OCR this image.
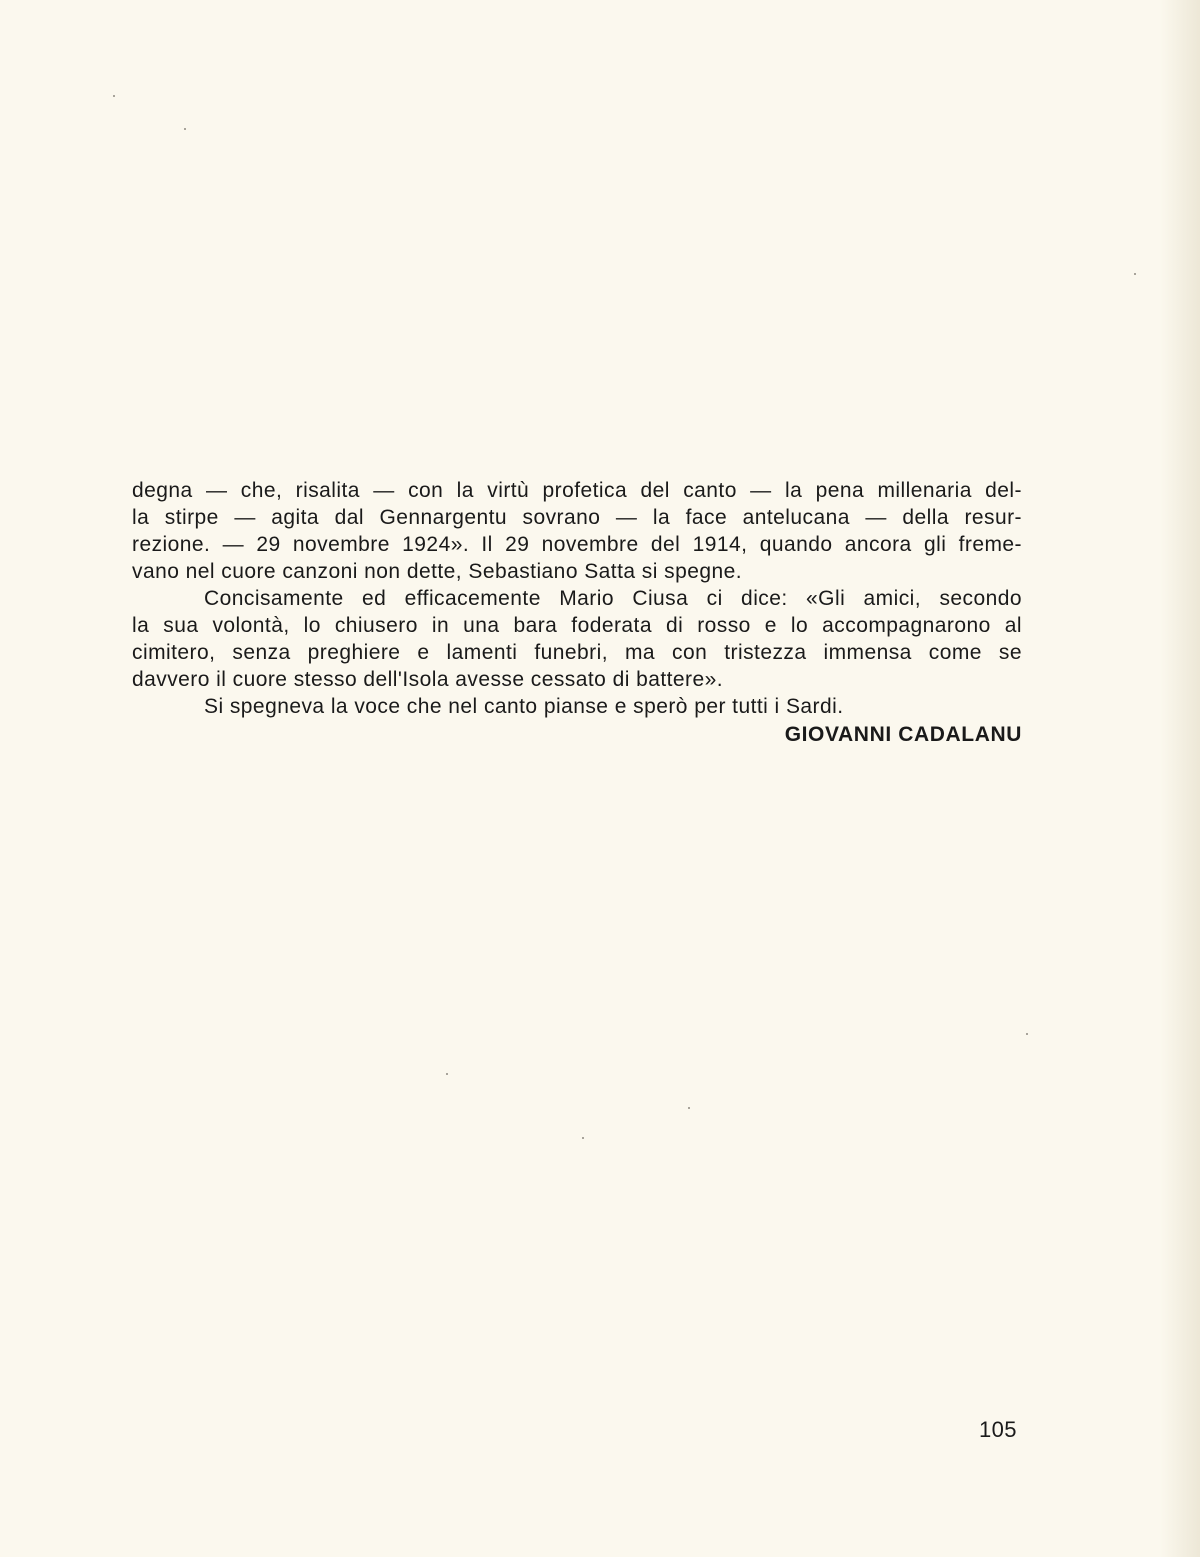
degna — che, risalita — con la virtù profetica del canto — la pena millenaria del-
la stirpe — agita dal Gennargentu sovrano — la face antelucana — della resur-
rezione. — 29 novembre 1924». Il 29 novembre del 1914, quando ancora gli freme-
vano nel cuore canzoni non dette, Sebastiano Satta si spegne.
Concisamente ed efficacemente Mario Ciusa ci dice: «Gli amici, secondo
la sua volontà, lo chiusero in una bara foderata di rosso e lo accompagnarono al
cimitero, senza preghiere e lamenti funebri, ma con tristezza immensa come se
davvero il cuore stesso dell'Isola avesse cessato di battere».
Si spegneva la voce che nel canto pianse e sperò per tutti i Sardi.
GIOVANNI CADALANU
105
